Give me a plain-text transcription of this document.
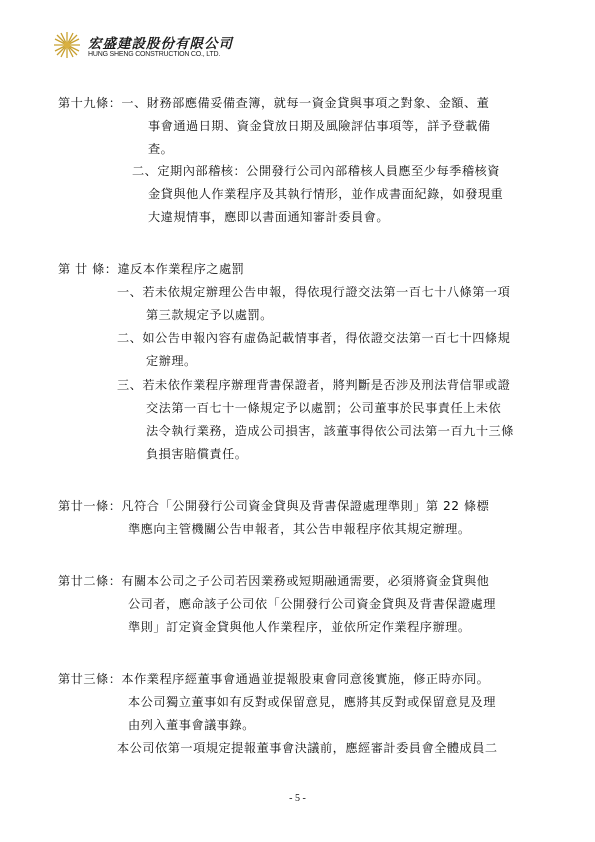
宏盛建設股份有限公司
HUNG SHENG CONSTRUCTION CO., LTD.
第十九條：一、財務部應備妥備查簿，就每一資金貸與事項之對象、金額、董
事會通過日期、資金貸放日期及風險評估事項等，詳予登載備
查。
二、定期內部稽核：公開發行公司內部稽核人員應至少每季稽核資
金貸與他人作業程序及其執行情形，並作成書面紀錄，如發現重
大違規情事，應即以書面通知審計委員會。
第 廿 條：違反本作業程序之處罰
一、若未依規定辦理公告申報，得依現行證交法第一百七十八條第一項
第三款規定予以處罰。
二、如公告申報內容有虛偽記載情事者，得依證交法第一百七十四條規
定辦理。
三、若未依作業程序辦理背書保證者，將判斷是否涉及刑法背信罪或證
交法第一百七十一條規定予以處罰；公司董事於民事責任上未依
法令執行業務，造成公司損害，該董事得依公司法第一百九十三條
負損害賠償責任。
第廿一條：凡符合「公開發行公司資金貸與及背書保證處理準則」第 22 條標
準應向主管機關公告申報者，其公告申報程序依其規定辦理。
第廿二條：有關本公司之子公司若因業務或短期融通需要，必須將資金貸與他
公司者，應命該子公司依「公開發行公司資金貸與及背書保證處理
準則」訂定資金貸與他人作業程序，並依所定作業程序辦理。
第廿三條：本作業程序經董事會通過並提報股東會同意後實施，修正時亦同。
本公司獨立董事如有反對或保留意見，應將其反對或保留意見及理
由列入董事會議事錄。
本公司依第一項規定提報董事會決議前，應經審計委員會全體成員二
- 5 -
